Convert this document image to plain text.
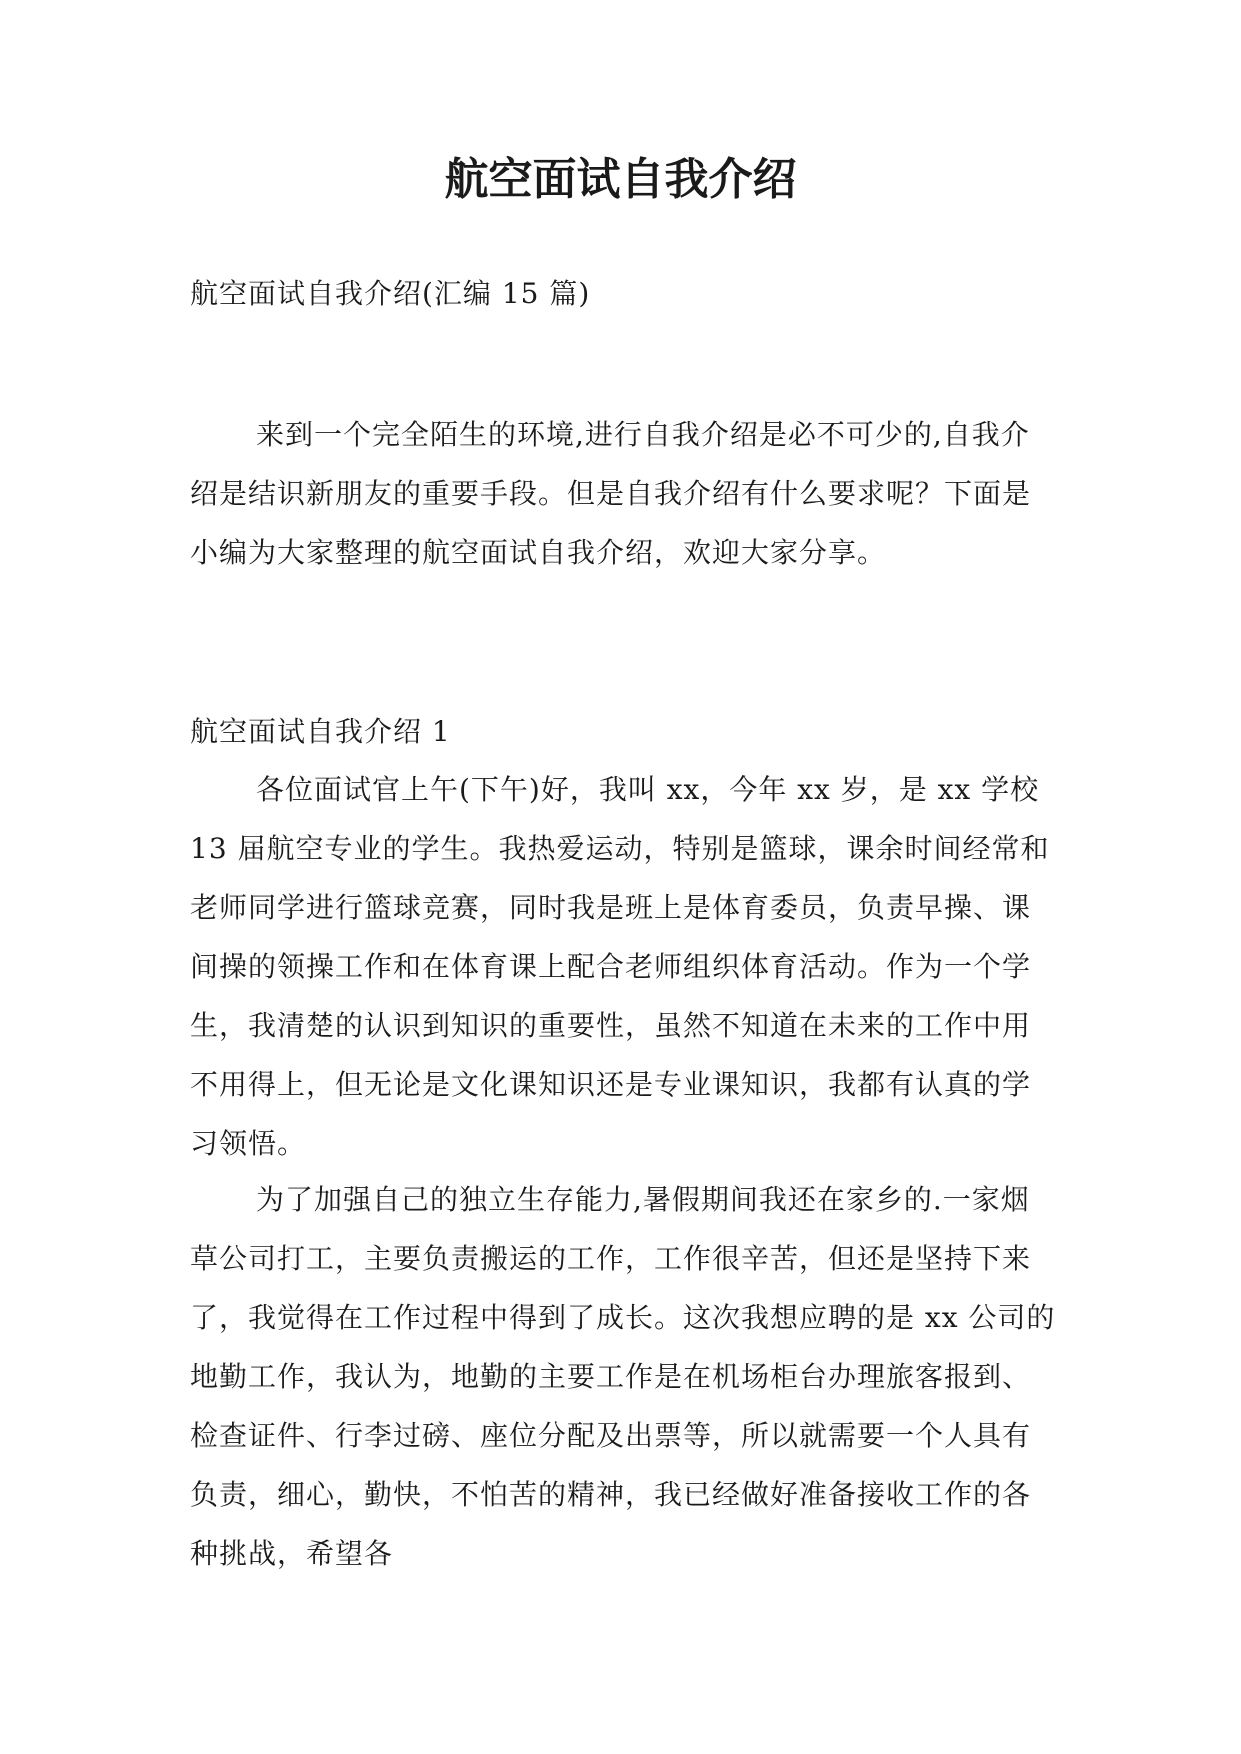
航空面试自我介绍

航空面试自我介绍(汇编 15 篇)

来到一个完全陌生的环境,进行自我介绍是必不可少的,自我介绍是结识新朋友的重要手段。但是自我介绍有什么要求呢？下面是小编为大家整理的航空面试自我介绍，欢迎大家分享。

航空面试自我介绍 1

各位面试官上午(下午)好，我叫 xx，今年 xx 岁，是 xx 学校 13 届航空专业的学生。我热爱运动，特别是篮球，课余时间经常和老师同学进行篮球竞赛，同时我是班上是体育委员，负责早操、课间操的领操工作和在体育课上配合老师组织体育活动。作为一个学生，我清楚的认识到知识的重要性，虽然不知道在未来的工作中用不用得上，但无论是文化课知识还是专业课知识，我都有认真的学习领悟。

为了加强自己的独立生存能力,暑假期间我还在家乡的.一家烟草公司打工，主要负责搬运的工作，工作很辛苦，但还是坚持下来了，我觉得在工作过程中得到了成长。这次我想应聘的是 xx 公司的地勤工作，我认为，地勤的主要工作是在机场柜台办理旅客报到、检查证件、行李过磅、座位分配及出票等，所以就需要一个人具有负责，细心，勤快，不怕苦的精神，我已经做好准备接收工作的各种挑战，希望各
